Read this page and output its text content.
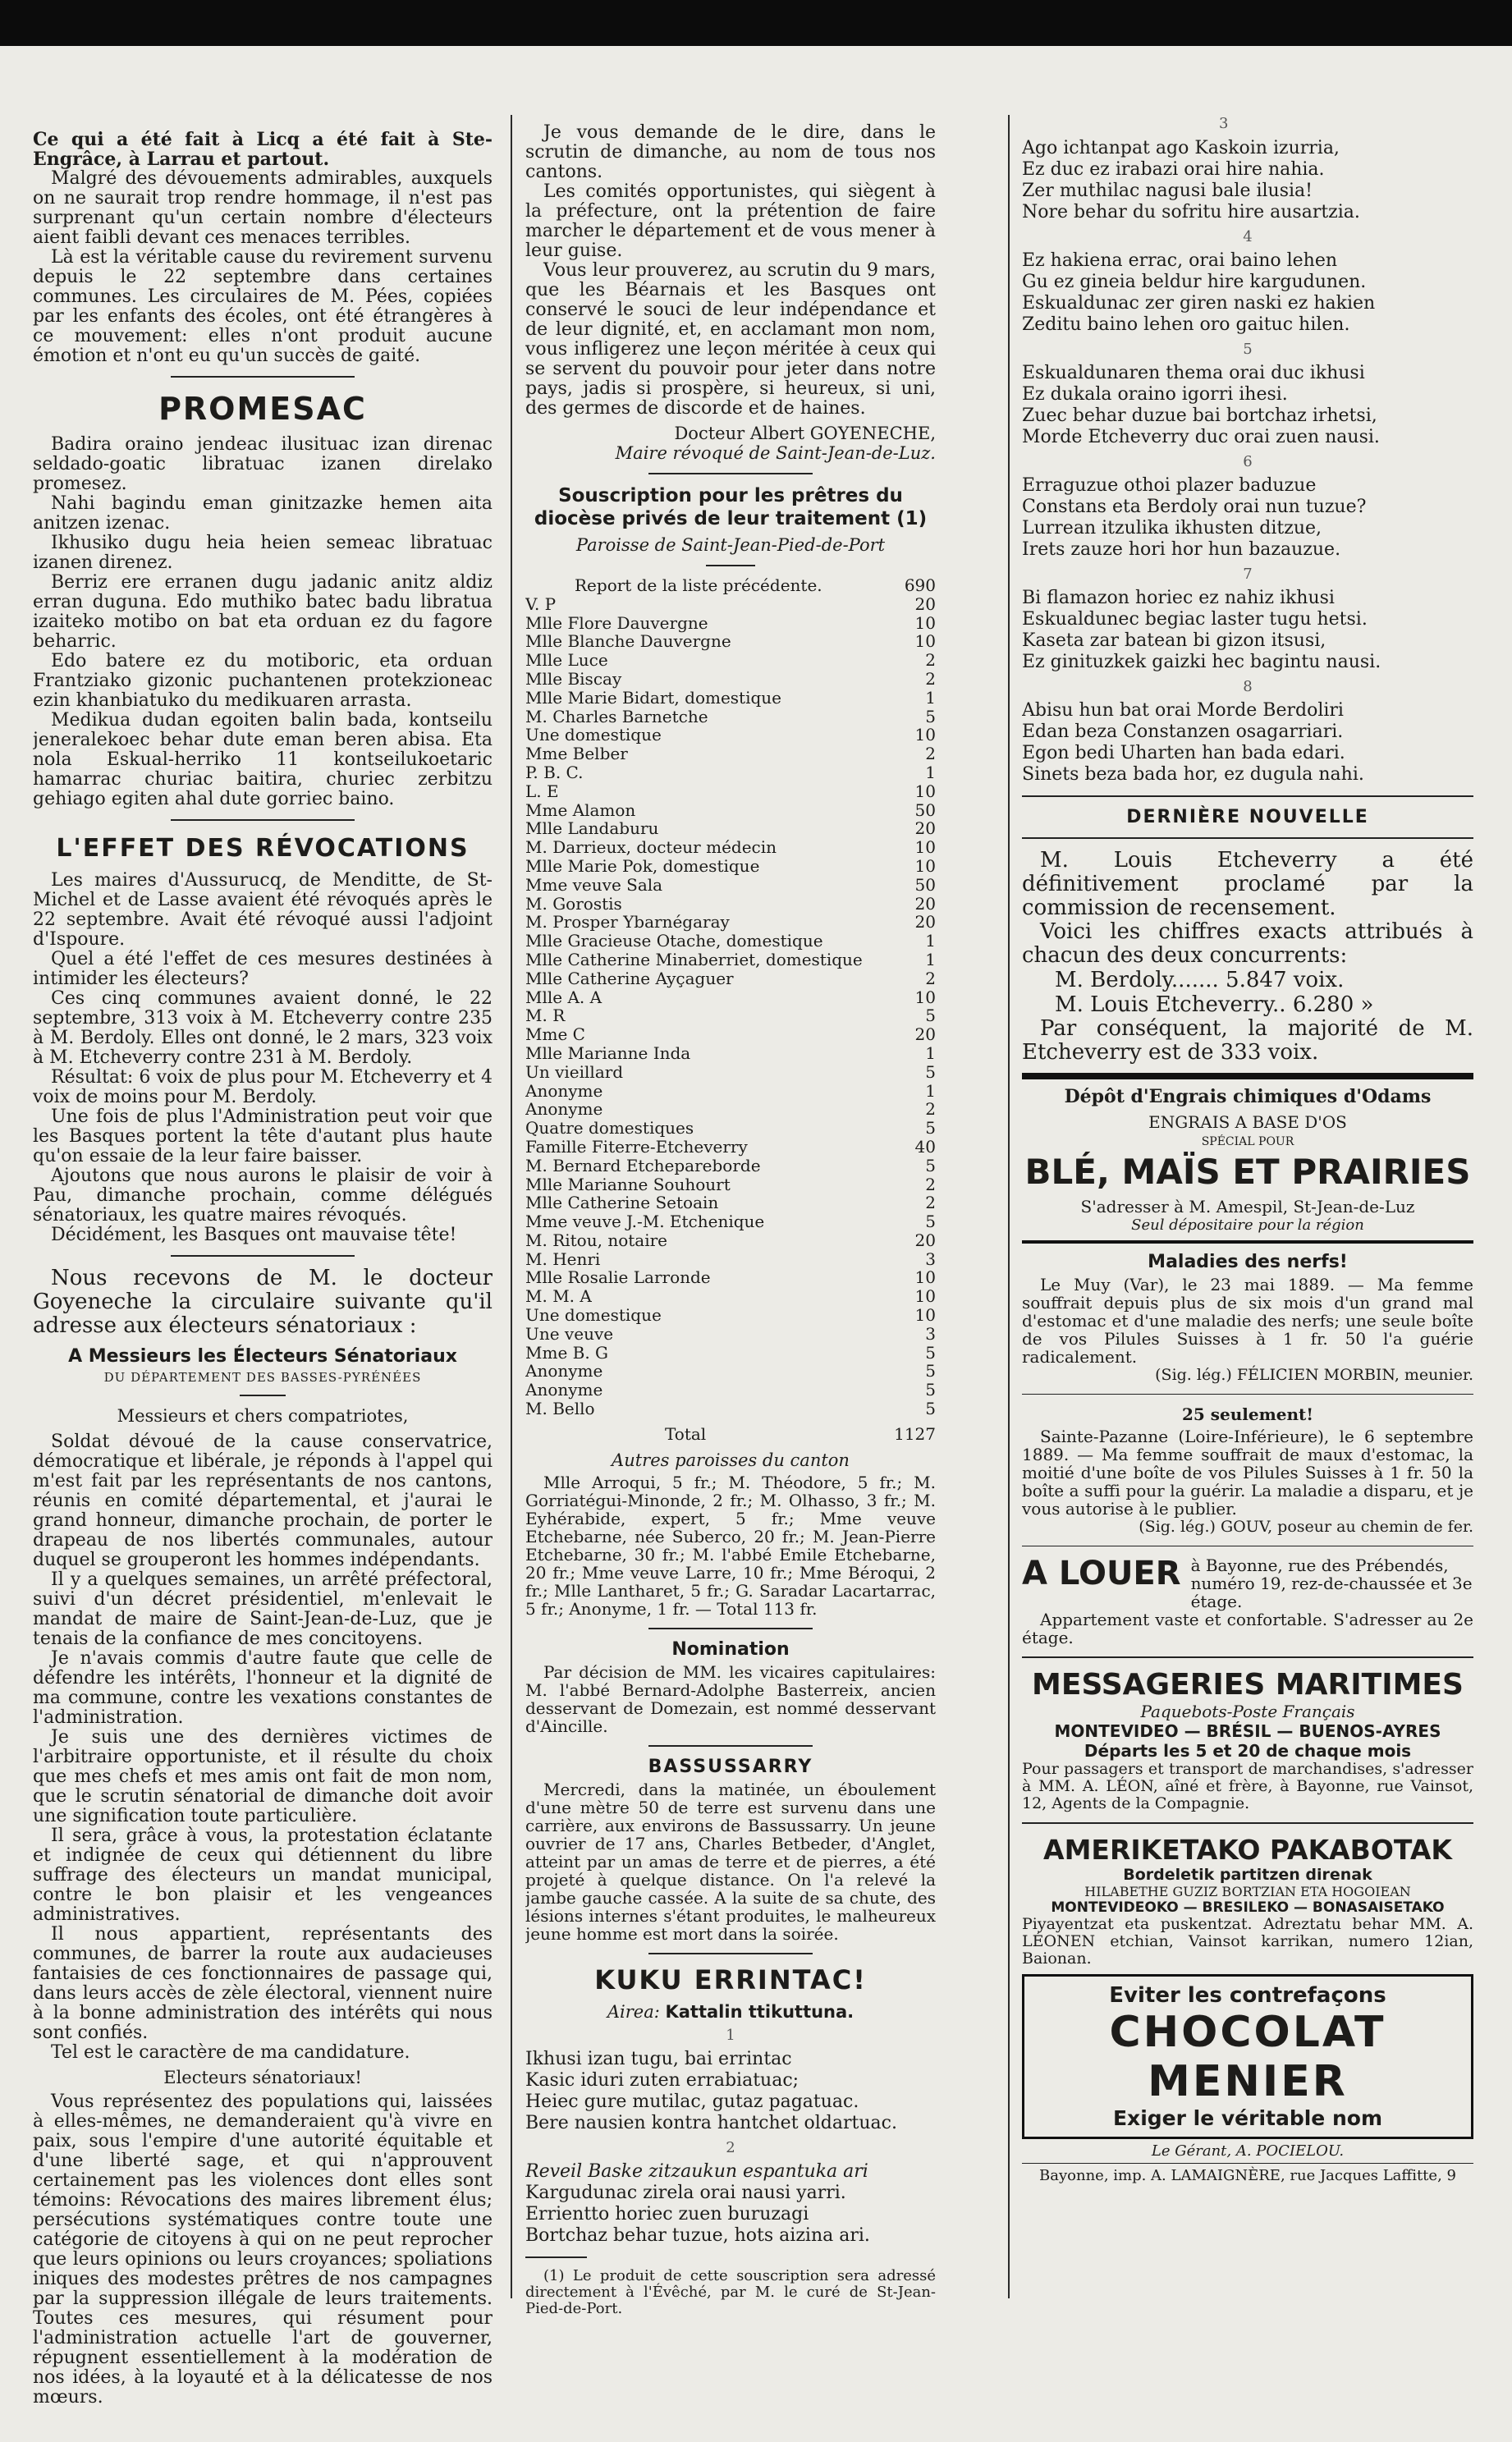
3

Ce qui a été fait à Licq a été fait à Ste-Engrâce, à Larrau et partout.

Malgré des dévouements admirables, auxquels on ne saurait trop rendre hommage, il n'est pas surprenant qu'un certain nombre d'électeurs aient faibli devant ces menaces terribles.

Là est la véritable cause du revirement survenu depuis le 22 septembre dans certaines communes. Les circulaires de M. Pées, copiées par les enfants des écoles, ont été étrangères à ce mouvement: elles n'ont produit aucune émotion et n'ont eu qu'un succès de gaité.

PROMESAC

Badira oraino jendeac ilusituac izan direnac seldado-goatic libratuac izanen direlako promesez.

Nahi bagindu eman ginitzazke hemen aita anitzen izenac.

Ikhusiko dugu heia heien semeac libratuac izanen direnez.

Berriz ere erranen dugu jadanic anitz aldiz erran duguna. Edo muthiko batec badu libratua izaiteko motibo on bat eta orduan ez du fagore beharric.

Edo batere ez du motiboric, eta orduan Frantziako gizonic puchantenen protekzioneac ezin khanbiatuko du medikuaren arrasta.

Medikua dudan egoiten balin bada, kontseilu jeneralekoec behar dute eman beren abisa. Eta nola Eskual-herriko 11 kontseilukoetaric hamarrac churiac baitira, churiec zerbitzu gehiago egiten ahal dute gorriec baino.

L'EFFET DES RÉVOCATIONS

Les maires d'Aussurucq, de Menditte, de St-Michel et de Lasse avaient été révoqués après le 22 septembre. Avait été révoqué aussi l'adjoint d'Ispoure.

Quel a été l'effet de ces mesures destinées à intimider les électeurs?

Ces cinq communes avaient donné, le 22 septembre, 313 voix à M. Etcheverry contre 235 à M. Berdoly. Elles ont donné, le 2 mars, 323 voix à M. Etcheverry contre 231 à M. Berdoly.

Résultat: 6 voix de plus pour M. Etcheverry et 4 voix de moins pour M. Berdoly.

Une fois de plus l'Administration peut voir que les Basques portent la tête d'autant plus haute qu'on essaie de la leur faire baisser.

Ajoutons que nous aurons le plaisir de voir à Pau, dimanche prochain, comme délégués sénatoriaux, les quatre maires révoqués.

Décidément, les Basques ont mauvaise tête!

Nous recevons de M. le docteur Goyeneche la circulaire suivante qu'il adresse aux électeurs sénatoriaux :

A Messieurs les Électeurs Sénatoriaux
DU DÉPARTEMENT DES BASSES-PYRÉNÉES
Messieurs et chers compatriotes,

Soldat dévoué de la cause conservatrice, démocratique et libérale, je réponds à l'appel qui m'est fait par les représentants de nos cantons, réunis en comité départemental, et j'aurai le grand honneur, dimanche prochain, de porter le drapeau de nos libertés communales, autour duquel se grouperont les hommes indépendants.

Il y a quelques semaines, un arrêté préfectoral, suivi d'un décret présidentiel, m'enlevait le mandat de maire de Saint-Jean-de-Luz, que je tenais de la confiance de mes concitoyens.

Je n'avais commis d'autre faute que celle de défendre les intérêts, l'honneur et la dignité de ma commune, contre les vexations constantes de l'administration.

Je suis une des dernières victimes de l'arbitraire opportuniste, et il résulte du choix que mes chefs et mes amis ont fait de mon nom, que le scrutin sénatorial de dimanche doit avoir une signification toute particulière.

Il sera, grâce à vous, la protestation éclatante et indignée de ceux qui détiennent du libre suffrage des électeurs un mandat municipal, contre le bon plaisir et les vengeances administratives.

Il nous appartient, représentants des communes, de barrer la route aux audacieuses fantaisies de ces fonctionnaires de passage qui, dans leurs accès de zèle électoral, viennent nuire à la bonne administration des intérêts qui nous sont confiés.

Tel est le caractère de ma candidature.

Electeurs sénatoriaux!

Vous représentez des populations qui, laissées à elles-mêmes, ne demanderaient qu'à vivre en paix, sous l'empire d'une autorité équitable et d'une liberté sage, et qui n'approuvent certainement pas les violences dont elles sont témoins: Révocations des maires librement élus; persécutions systématiques contre toute une catégorie de citoyens à qui on ne peut reprocher que leurs opinions ou leurs croyances; spoliations iniques des modestes prêtres de nos campagnes par la suppression illégale de leurs traitements. Toutes ces mesures, qui résument pour l'administration actuelle l'art de gouverner, répugnent essentiellement à la modération de nos idées, à la loyauté et à la délicatesse de nos mœurs.

Je vous demande de le dire, dans le scrutin de dimanche, au nom de tous nos cantons.

Les comités opportunistes, qui siègent à la préfecture, ont la prétention de faire marcher le département et de vous mener à leur guise.

Vous leur prouverez, au scrutin du 9 mars, que les Béarnais et les Basques ont conservé le souci de leur indépendance et de leur dignité, et, en acclamant mon nom, vous infligerez une leçon méritée à ceux qui se servent du pouvoir pour jeter dans notre pays, jadis si prospère, si heureux, si uni, des germes de discorde et de haines.

Docteur Albert GOYENECHE,
Maire révoqué de Saint-Jean-de-Luz.
Souscription pour les prêtres du diocèse privés de leur traitement (1)
Paroisse de Saint-Jean-Pied-de-Port
Report de la liste précédente.	690
V. P	20
Mlle Flore Dauvergne	10
Mlle Blanche Dauvergne	10
Mlle Luce	2
Mlle Biscay	2
Mlle Marie Bidart, domestique	1
M. Charles Barnetche	5
Une domestique	10
Mme Belber	2
P. B. C.	1
L. E	10
Mme Alamon	50
Mlle Landaburu	20
M. Darrieux, docteur médecin	10
Mlle Marie Pok, domestique	10
Mme veuve Sala	50
M. Gorostis	20
M. Prosper Ybarnégaray	20
Mlle Gracieuse Otache, domestique	1
Mlle Catherine Minaberriet, domestique	1
Mlle Catherine Ayçaguer	2
Mlle A. A	10
M. R	5
Mme C	20
Mlle Marianne Inda	1
Un vieillard	5
Anonyme	1
Anonyme	2
Quatre domestiques	5
Famille Fiterre-Etcheverry	40
M. Bernard Etchepareborde	5
Mlle Marianne Souhourt	2
Mlle Catherine Setoain	2
Mme veuve J.-M. Etchenique	5
M. Ritou, notaire	20
M. Henri	3
Mlle Rosalie Larronde	10
M. M. A	10
Une domestique	10
Une veuve	3
Mme B. G	5
Anonyme	5
Anonyme	5
M. Bello	5
Total	1127
Autres paroisses du canton

Mlle Arroqui, 5 fr.; M. Théodore, 5 fr.; M. Gorriatégui-Minonde, 2 fr.; M. Olhasso, 3 fr.; M. Eyhérabide, expert, 5 fr.; Mme veuve Etchebarne, née Suberco, 20 fr.; M. Jean-Pierre Etchebarne, 30 fr.; M. l'abbé Emile Etchebarne, 20 fr.; Mme veuve Larre, 10 fr.; Mme Béroqui, 2 fr.; Mlle Lantharet, 5 fr.; G. Saradar Lacartarrac, 5 fr.; Anonyme, 1 fr. — Total 113 fr.

Nomination

Par décision de MM. les vicaires capitulaires: M. l'abbé Bernard-Adolphe Basterreix, ancien desservant de Domezain, est nommé desservant d'Aincille.

BASSUSSARRY

Mercredi, dans la matinée, un éboulement d'une mètre 50 de terre est survenu dans une carrière, aux environs de Bassussarry. Un jeune ouvrier de 17 ans, Charles Betbeder, d'Anglet, atteint par un amas de terre et de pierres, a été projeté à quelque distance. On l'a relevé la jambe gauche cassée. A la suite de sa chute, des lésions internes s'étant produites, le malheureux jeune homme est mort dans la soirée.

KUKU ERRINTAC!
Airea: Kattalin ttikuttuna.
1

Ikhusi izan tugu, bai errintac

Kasic iduri zuten errabiatuac;

Heiec gure mutilac, gutaz pagatuac.

Bere nausien kontra hantchet oldartuac.

2

Reveil Baske zitzaukun espantuka ari

Kargudunac zirela orai nausi yarri.

Errientto horiec zuen buruzagi

Bortchaz behar tuzue, hots aizina ari.

(1) Le produit de cette souscription sera adressé directement à l'Évêché, par M. le curé de St-Jean-Pied-de-Port.

Ago ichtanpat ago Kaskoin izurria,

Ez duc ez irabazi orai hire nahia.

Zer muthilac nagusi bale ilusia!

Nore behar du sofritu hire ausartzia.

4

Ez hakiena errac, orai baino lehen

Gu ez gineia beldur hire kargudunen.

Eskualdunac zer giren naski ez hakien

Zeditu baino lehen oro gaituc hilen.

5

Eskualdunaren thema orai duc ikhusi

Ez dukala oraino igorri ihesi.

Zuec behar duzue bai bortchaz irhetsi,

Morde Etcheverry duc orai zuen nausi.

6

Erraguzue othoi plazer baduzue

Constans eta Berdoly orai nun tuzue?

Lurrean itzulika ikhusten ditzue,

Irets zauze hori hor hun bazauzue.

7

Bi flamazon horiec ez nahiz ikhusi

Eskualdunec begiac laster tugu hetsi.

Kaseta zar batean bi gizon itsusi,

Ez ginituzkek gaizki hec bagintu nausi.

8

Abisu hun bat orai Morde Berdoliri

Edan beza Constanzen osagarriari.

Egon bedi Uharten han bada edari.

Sinets beza bada hor, ez dugula nahi.

DERNIÈRE NOUVELLE

M. Louis Etcheverry a été définitivement proclamé par la commission de recensement.

Voici les chiffres exacts attribués à chacun des deux concurrents:

M. Berdoly....... 5.847 voix.
M. Louis Etcheverry.. 6.280 »

Par conséquent, la majorité de M. Etcheverry est de 333 voix.

Dépôt d'Engrais chimiques d'Odams
ENGRAIS A BASE D'OS
SPÉCIAL POUR
BLÉ, MAÏS ET PRAIRIES
S'adresser à M. Amespil, St-Jean-de-Luz
Seul dépositaire pour la région
Maladies des nerfs!

Le Muy (Var), le 23 mai 1889. — Ma femme souffrait depuis plus de six mois d'un grand mal d'estomac et d'une maladie des nerfs; une seule boîte de vos Pilules Suisses à 1 fr. 50 l'a guérie radicalement.

(Sig. lég.) FÉLICIEN MORBIN, meunier.
25 seulement!

Sainte-Pazanne (Loire-Inférieure), le 6 septembre 1889. — Ma femme souffrait de maux d'estomac, la moitié d'une boîte de vos Pilules Suisses à 1 fr. 50 la boîte a suffi pour la guérir. La maladie a disparu, et je vous autorise à le publier.

(Sig. lég.) GOUV, poseur au chemin de fer.
A LOUER à Bayonne, rue des Prébendés, numéro 19, rez-de-chaussée et 3e étage.

Appartement vaste et confortable. S'adresser au 2e étage.

MESSAGERIES MARITIMES
Paquebots-Poste Français
MONTEVIDEO — BRÉSIL — BUENOS-AYRES
Départs les 5 et 20 de chaque mois

Pour passagers et transport de marchandises, s'adresser à MM. A. LÉON, aîné et frère, à Bayonne, rue Vainsot, 12, Agents de la Compagnie.

AMERIKETAKO PAKABOTAK
Bordeletik partitzen direnak
HILABETHE GUZIZ BORTZIAN ETA HOGOIEAN
MONTEVIDEOKO — BRESILEKO — BONASAISETAKO

Piyayentzat eta puskentzat. Adreztatu behar MM. A. LÉONEN etchian, Vainsot karrikan, numero 12ian, Baionan.

Eviter les contrefaçons
CHOCOLAT
MENIER
Exiger le véritable nom
Le Gérant, A. POCIELOU.
Bayonne, imp. A. LAMAIGNÈRE, rue Jacques Laffitte, 9
